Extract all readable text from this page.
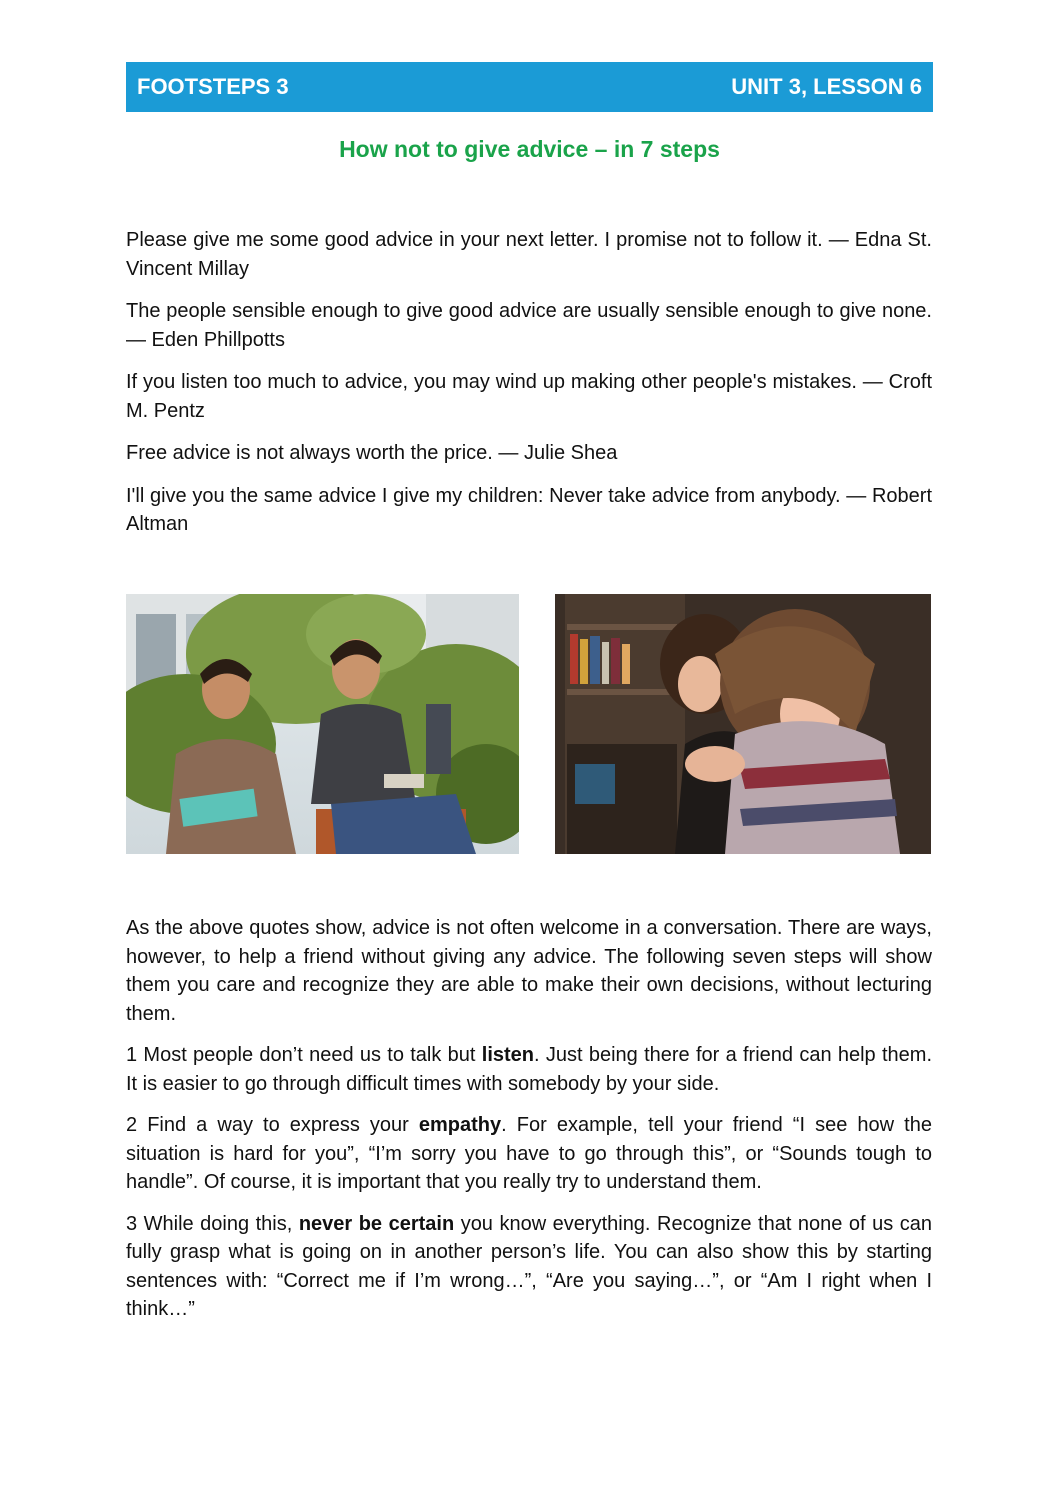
FOOTSTEPS 3	UNIT 3, LESSON 6
How not to give advice – in 7 steps

Please give me some good advice in your next letter. I promise not to follow it. — Edna St. Vincent Millay

The people sensible enough to give good advice are usually sensible enough to give none. — Eden Phillpotts

If you listen too much to advice, you may wind up making other people's mistakes. — Croft M. Pentz

Free advice is not always worth the price. — Julie Shea

I'll give you the same advice I give my children: Never take advice from anybody. — Robert Altman

As the above quotes show, advice is not often welcome in a conversation. There are ways, however, to help a friend without giving any advice. The following seven steps will show them you care and recognize they are able to make their own decisions, without lecturing them.

1 Most people don’t need us to talk but listen. Just being there for a friend can help them. It is easier to go through difficult times with somebody by your side.

2 Find a way to express your empathy. For example, tell your friend “I see how the situation is hard for you”, “I’m sorry you have to go through this”, or “Sounds tough to handle”. Of course, it is important that you really try to understand them.

3 While doing this, never be certain you know everything. Recognize that none of us can fully grasp what is going on in another person’s life. You can also show this by starting sentences with: “Correct me if I’m wrong…”, “Are you saying…”, or “Am I right when I think…”
